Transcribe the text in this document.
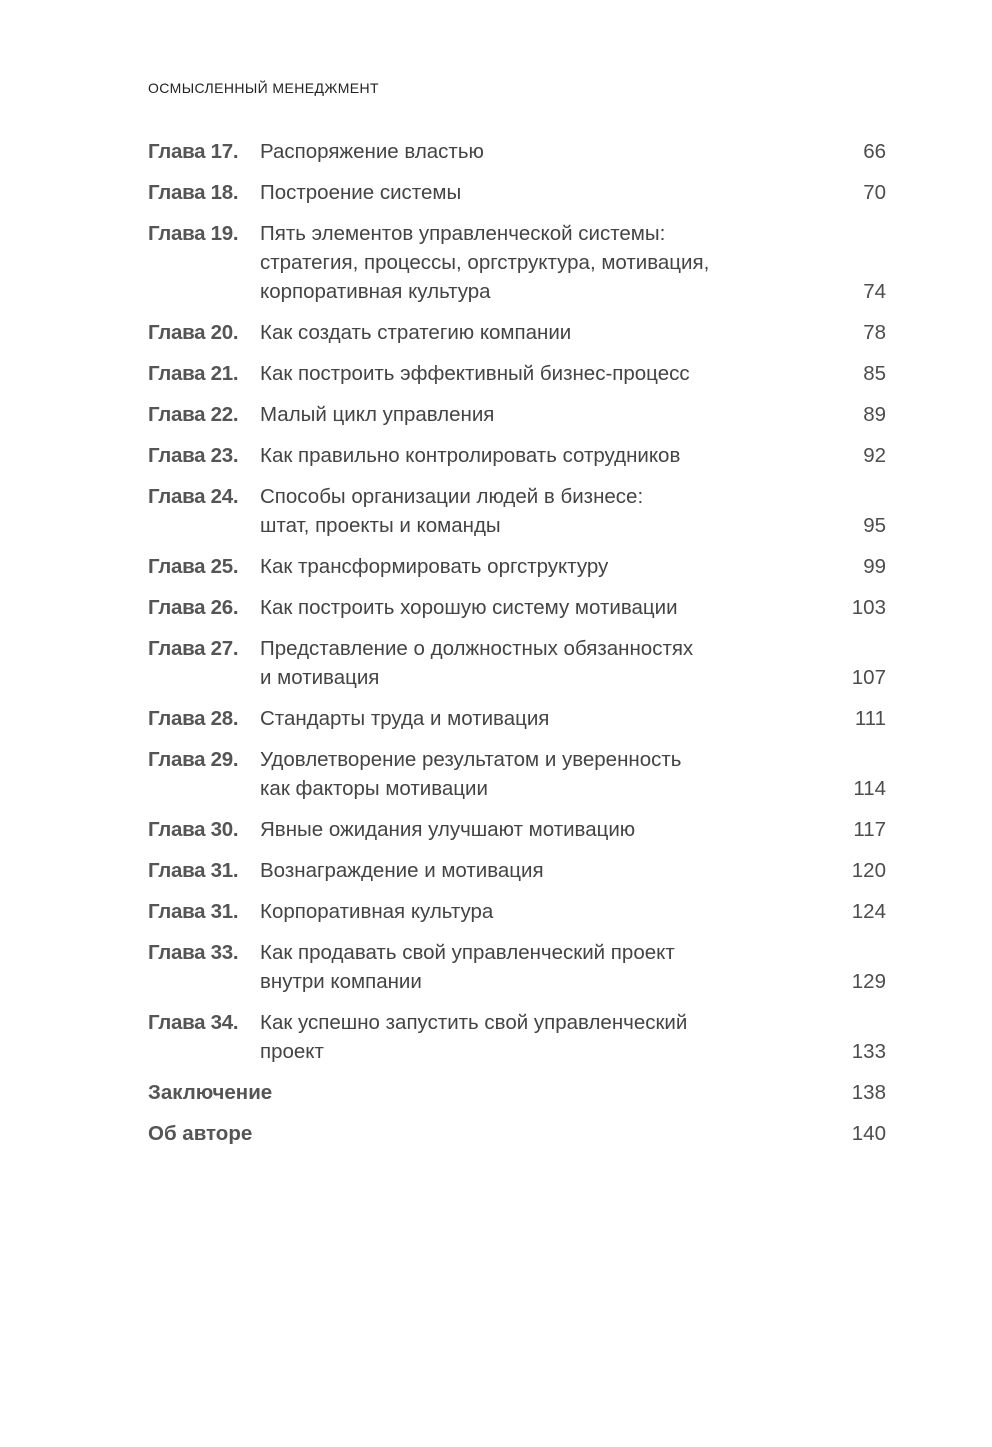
ОСМЫСЛЕННЫЙ МЕНЕДЖМЕНТ
Глава 17.	Распоряжение властью	66
Глава 18.	Построение системы	70
Глава 19.	Пять элементов управленческой системы:
стратегия, процессы, оргструктура, мотивация,
корпоративная культура	74
Глава 20.	Как создать стратегию компании	78
Глава 21.	Как построить эффективный бизнес-процесс	85
Глава 22.	Малый цикл управления	89
Глава 23.	Как правильно контролировать сотрудников	92
Глава 24.	Способы организации людей в бизнесе:
штат, проекты и команды	95
Глава 25.	Как трансформировать оргструктуру	99
Глава 26.	Как построить хорошую систему мотивации	103
Глава 27.	Представление о должностных обязанностях
и мотивация	107
Глава 28.	Стандарты труда и мотивация	111
Глава 29.	Удовлетворение результатом и уверенность
как факторы мотивации	114
Глава 30.	Явные ожидания улучшают мотивацию	117
Глава 31.	Вознаграждение и мотивация	120
Глава 31.	Корпоративная культура	124
Глава 33.	Как продавать свой управленческий проект
внутри компании	129
Глава 34.	Как успешно запустить свой управленческий
проект	133
Заключение	138
Об авторе	140
